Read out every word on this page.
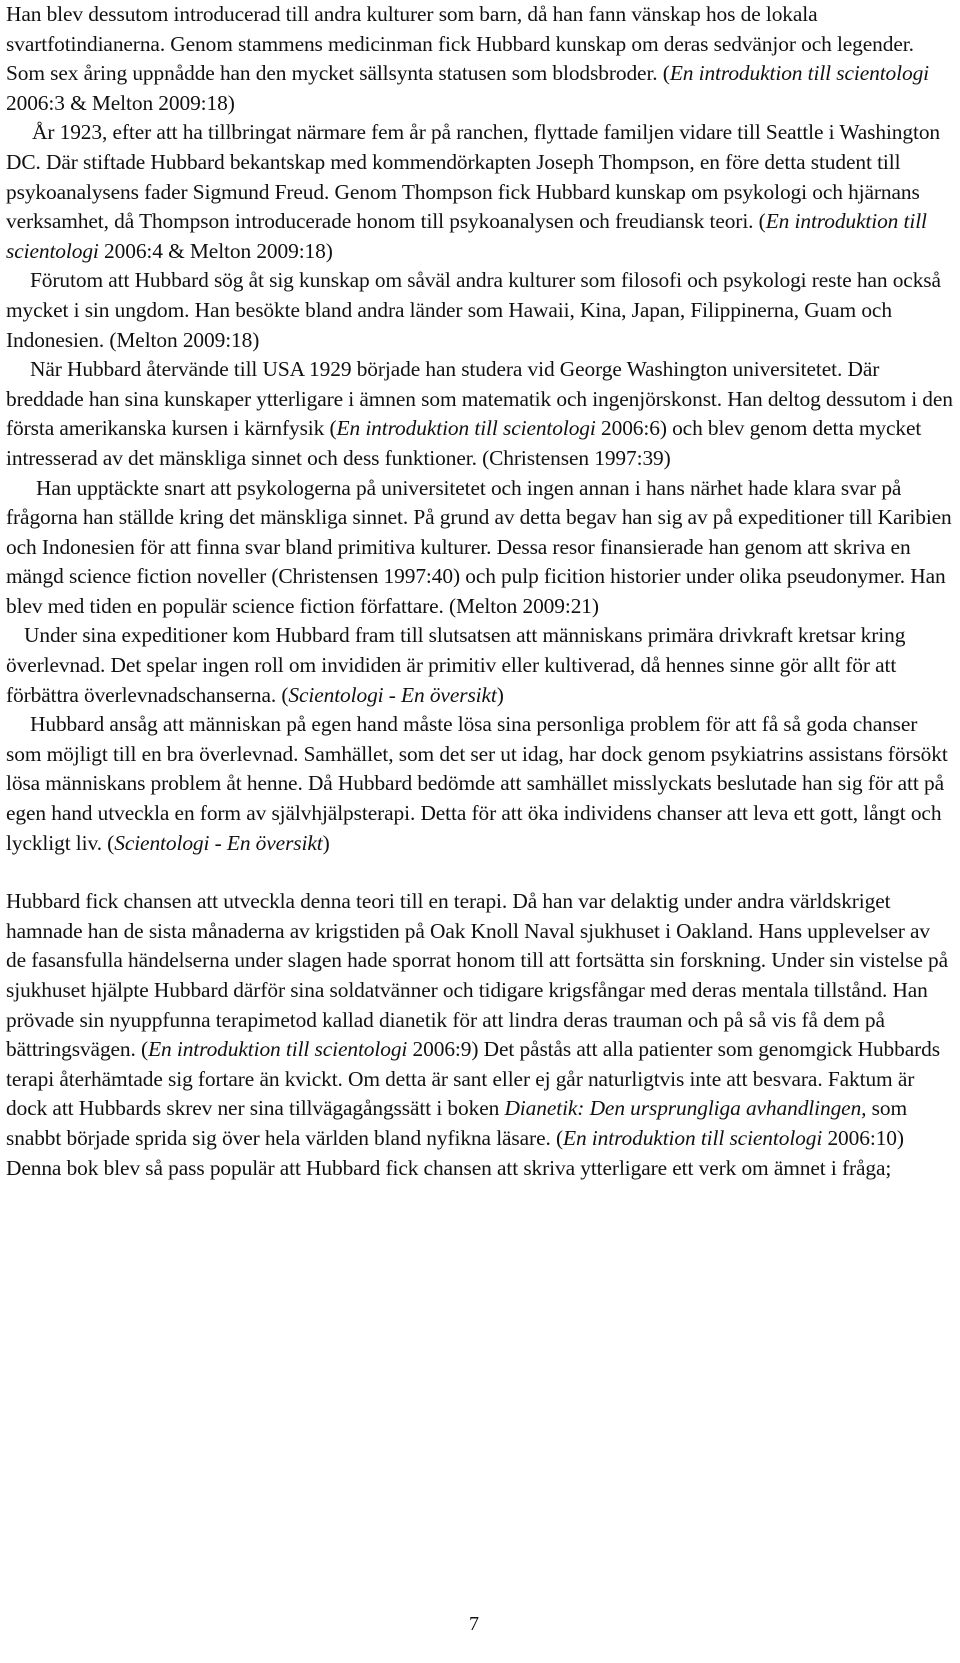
Han blev dessutom introducerad till andra kulturer som barn, då han fann vänskap hos de lokala svartfotindianerna. Genom stammens medicinman fick Hubbard kunskap om deras sedvänjor och legender. Som sex åring uppnådde han den mycket sällsynta statusen som blodsbroder. (En introduktion till scientologi 2006:3 & Melton 2009:18)

År 1923, efter att ha tillbringat närmare fem år på ranchen, flyttade familjen vidare till Seattle i Washington DC. Där stiftade Hubbard bekantskap med kommendörkapten Joseph Thompson, en före detta student till psykoanalysens fader Sigmund Freud. Genom Thompson fick Hubbard kunskap om psykologi och hjärnans verksamhet, då Thompson introducerade honom till psykoanalysen och freudiansk teori. (En introduktion till scientologi 2006:4 & Melton 2009:18)

Förutom att Hubbard sög åt sig kunskap om såväl andra kulturer som filosofi och psykologi reste han också mycket i sin ungdom. Han besökte bland andra länder som Hawaii, Kina, Japan, Filippinerna, Guam och Indonesien. (Melton 2009:18)

När Hubbard återvände till USA 1929 började han studera vid George Washington universitetet. Där breddade han sina kunskaper ytterligare i ämnen som matematik och ingenjörskonst. Han deltog dessutom i den första amerikanska kursen i kärnfysik (En introduktion till scientologi 2006:6) och blev genom detta mycket intresserad av det mänskliga sinnet och dess funktioner. (Christensen 1997:39)

Han upptäckte snart att psykologerna på universitetet och ingen annan i hans närhet hade klara svar på frågorna han ställde kring det mänskliga sinnet. På grund av detta begav han sig av på expeditioner till Karibien och Indonesien för att finna svar bland primitiva kulturer. Dessa resor finansierade han genom att skriva en mängd science fiction noveller (Christensen 1997:40) och pulp ficition historier under olika pseudonymer. Han blev med tiden en populär science fiction författare. (Melton 2009:21)

Under sina expeditioner kom Hubbard fram till slutsatsen att människans primära drivkraft kretsar kring överlevnad. Det spelar ingen roll om invididen är primitiv eller kultiverad, då hennes sinne gör allt för att förbättra överlevnadschanserna. (Scientologi - En översikt)

Hubbard ansåg att människan på egen hand måste lösa sina personliga problem för att få så goda chanser som möjligt till en bra överlevnad. Samhället, som det ser ut idag, har dock genom psykiatrins assistans försökt lösa människans problem åt henne. Då Hubbard bedömde att samhället misslyckats beslutade han sig för att på egen hand utveckla en form av självhjälpsterapi. Detta för att öka individens chanser att leva ett gott, långt och lyckligt liv. (Scientologi - En översikt)

Hubbard fick chansen att utveckla denna teori till en terapi. Då han var delaktig under andra världskriget hamnade han de sista månaderna av krigstiden på Oak Knoll Naval sjukhuset i Oakland. Hans upplevelser av de fasansfulla händelserna under slagen hade sporrat honom till att fortsätta sin forskning. Under sin vistelse på sjukhuset hjälpte Hubbard därför sina soldatvänner och tidigare krigsfångar med deras mentala tillstånd. Han prövade sin nyuppfunna terapimetod kallad dianetik för att lindra deras trauman och på så vis få dem på bättringsvägen. (En introduktion till scientologi 2006:9) Det påstås att alla patienter som genomgick Hubbards terapi återhämtade sig fortare än kvickt. Om detta är sant eller ej går naturligtvis inte att besvara. Faktum är dock att Hubbards skrev ner sina tillvägagångssätt i boken Dianetik: Den ursprungliga avhandlingen, som snabbt började sprida sig över hela världen bland nyfikna läsare. (En introduktion till scientologi 2006:10) Denna bok blev så pass populär att Hubbard fick chansen att skriva ytterligare ett verk om ämnet i fråga;

7
